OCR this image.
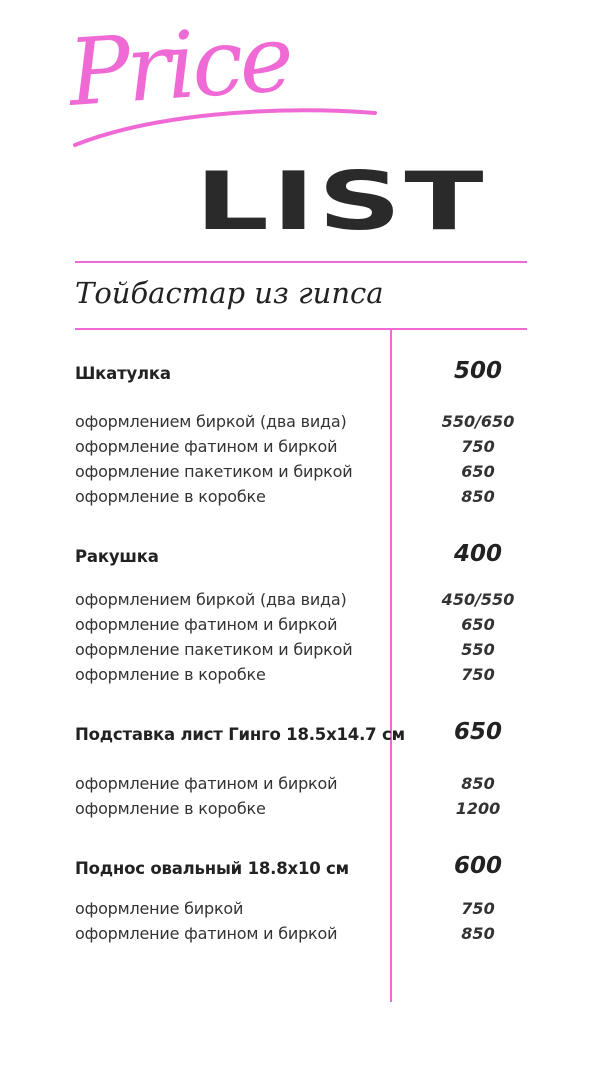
Price
LIST
Тойбастар из гипса
Шкатулка	500
оформлением биркой (два вида)	550/650
оформление фатином и биркой	750
оформление пакетиком и биркой	650
оформление в коробке	850
Ракушка	400
оформлением биркой (два вида)	450/550
оформление фатином и биркой	650
оформление пакетиком и биркой	550
оформление в коробке	750
Подставка лист Гинго 18.5x14.7 см 650
оформление фатином и биркой	850
оформление в коробке	1200
Поднос овальный 18.8x10 см	600
оформление биркой	750
оформление фатином и биркой	850
